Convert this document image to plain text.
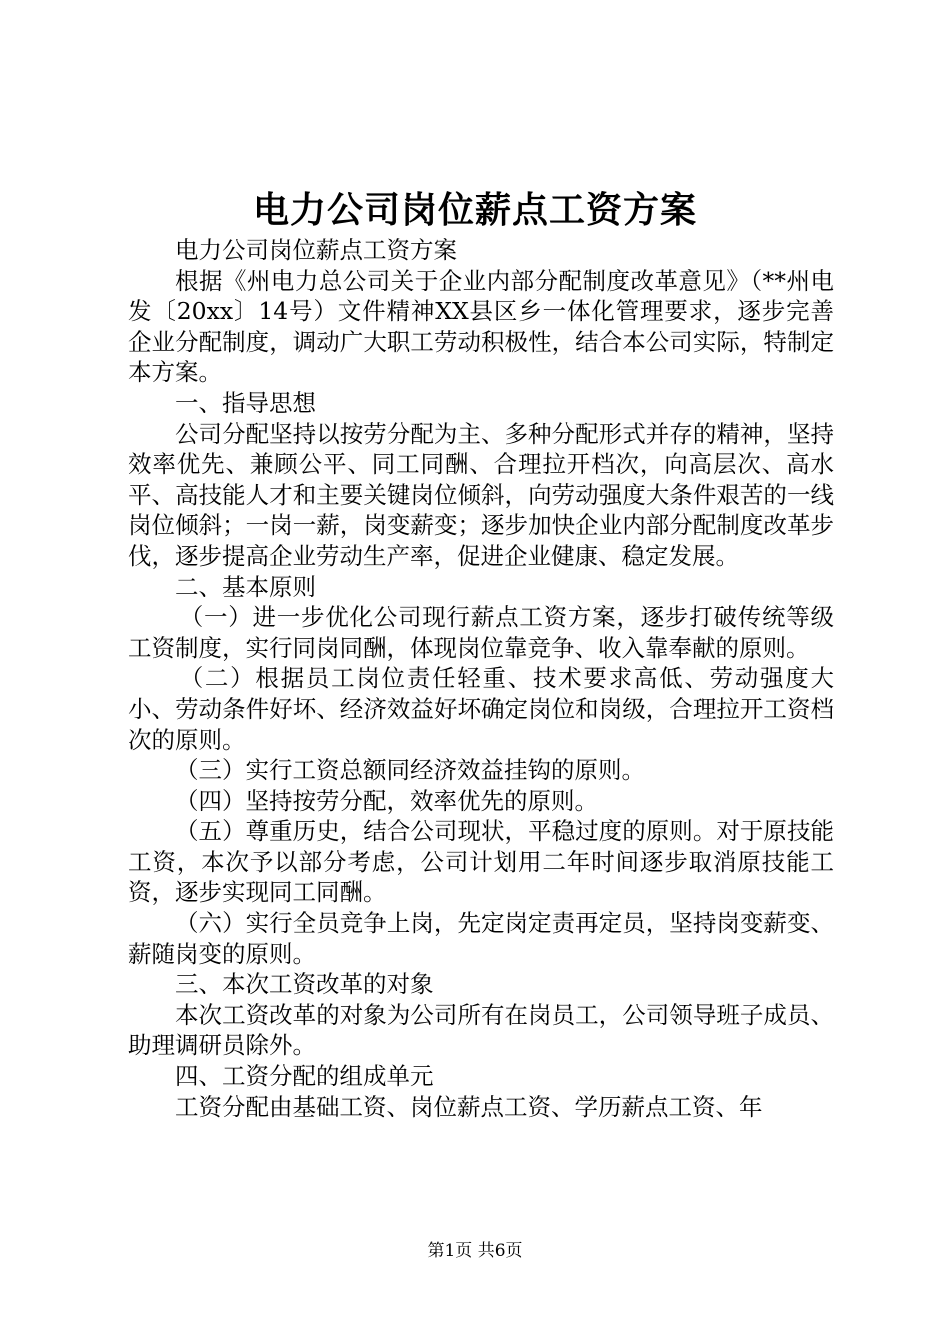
电力公司岗位薪点工资方案

电力公司岗位薪点工资方案

根据《州电力总公司关于企业内部分配制度改革意见》（**州电发〔20xx〕14号）文件精神XX县区乡一体化管理要求，逐步完善企业分配制度，调动广大职工劳动积极性，结合本公司实际，特制定本方案。

一、指导思想

公司分配坚持以按劳分配为主、多种分配形式并存的精神，坚持效率优先、兼顾公平、同工同酬、合理拉开档次，向高层次、高水平、高技能人才和主要关键岗位倾斜，向劳动强度大条件艰苦的一线岗位倾斜；一岗一薪，岗变薪变；逐步加快企业内部分配制度改革步伐，逐步提高企业劳动生产率，促进企业健康、稳定发展。

二、基本原则

（一）进一步优化公司现行薪点工资方案，逐步打破传统等级工资制度，实行同岗同酬，体现岗位靠竞争、收入靠奉献的原则。

（二）根据员工岗位责任轻重、技术要求高低、劳动强度大小、劳动条件好坏、经济效益好坏确定岗位和岗级，合理拉开工资档次的原则。

（三）实行工资总额同经济效益挂钩的原则。

（四）坚持按劳分配，效率优先的原则。

（五）尊重历史，结合公司现状，平稳过度的原则。对于原技能工资，本次予以部分考虑，公司计划用二年时间逐步取消原技能工资，逐步实现同工同酬。

（六）实行全员竞争上岗，先定岗定责再定员，坚持岗变薪变、薪随岗变的原则。

三、本次工资改革的对象

本次工资改革的对象为公司所有在岗员工，公司领导班子成员、助理调研员除外。

四、工资分配的组成单元

工资分配由基础工资、岗位薪点工资、学历薪点工资、年

第1页 共6页
